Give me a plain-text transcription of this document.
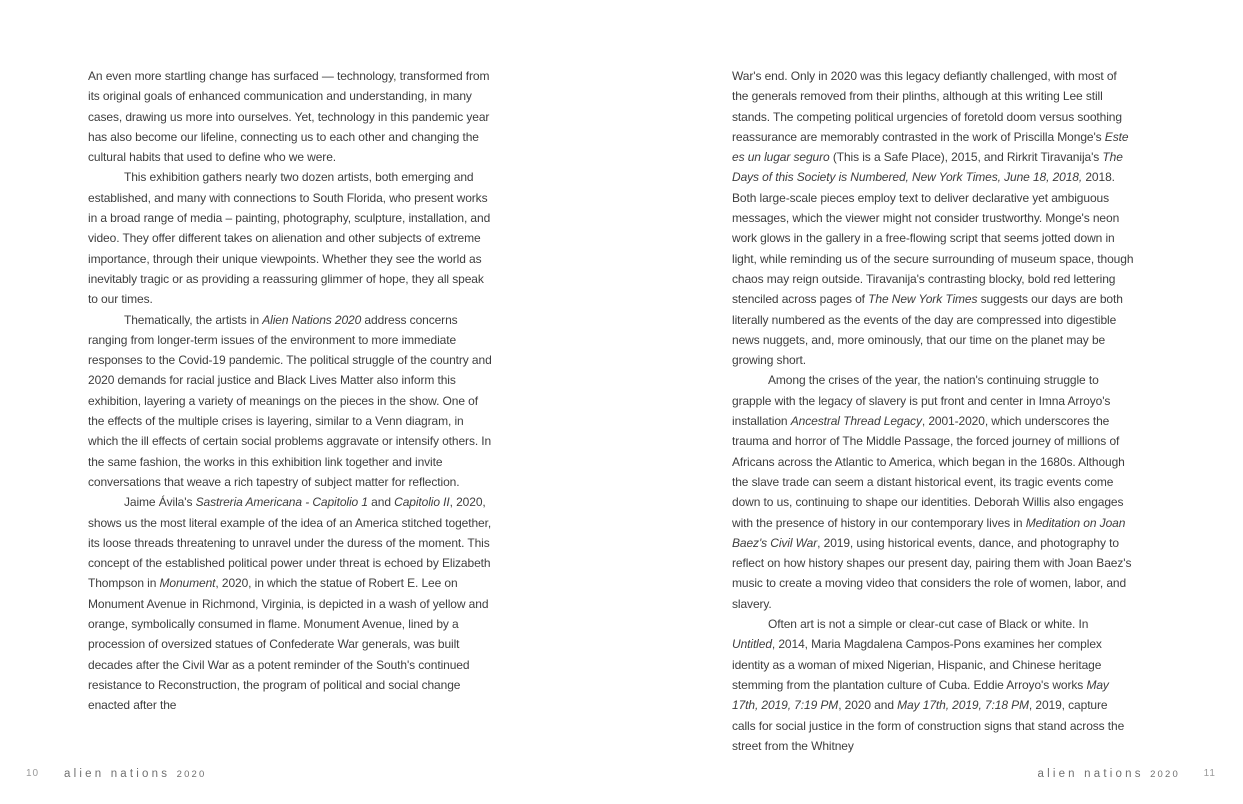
An even more startling change has surfaced — technology, transformed from its original goals of enhanced communication and understanding, in many cases, drawing us more into ourselves. Yet, technology in this pandemic year has also become our lifeline, connecting us to each other and changing the cultural habits that used to define who we were.

This exhibition gathers nearly two dozen artists, both emerging and established, and many with connections to South Florida, who present works in a broad range of media – painting, photography, sculpture, installation, and video. They offer different takes on alienation and other subjects of extreme importance, through their unique viewpoints. Whether they see the world as inevitably tragic or as providing a reassuring glimmer of hope, they all speak to our times.

Thematically, the artists in Alien Nations 2020 address concerns ranging from longer-term issues of the environment to more immediate responses to the Covid-19 pandemic. The political struggle of the country and 2020 demands for racial justice and Black Lives Matter also inform this exhibition, layering a variety of meanings on the pieces in the show. One of the effects of the multiple crises is layering, similar to a Venn diagram, in which the ill effects of certain social problems aggravate or intensify others. In the same fashion, the works in this exhibition link together and invite conversations that weave a rich tapestry of subject matter for reflection.

Jaime Ávila's Sastreria Americana - Capitolio 1 and Capitolio II, 2020, shows us the most literal example of the idea of an America stitched together, its loose threads threatening to unravel under the duress of the moment. This concept of the established political power under threat is echoed by Elizabeth Thompson in Monument, 2020, in which the statue of Robert E. Lee on Monument Avenue in Richmond, Virginia, is depicted in a wash of yellow and orange, symbolically consumed in flame. Monument Avenue, lined by a procession of oversized statues of Confederate War generals, was built decades after the Civil War as a potent reminder of the South's continued resistance to Reconstruction, the program of political and social change enacted after the

10 alien nations 2020

War's end. Only in 2020 was this legacy defiantly challenged, with most of the generals removed from their plinths, although at this writing Lee still stands. The competing political urgencies of foretold doom versus soothing reassurance are memorably contrasted in the work of Priscilla Monge's Este es un lugar seguro (This is a Safe Place), 2015, and Rirkrit Tiravanija's The Days of this Society is Numbered, New York Times, June 18, 2018, 2018. Both large-scale pieces employ text to deliver declarative yet ambiguous messages, which the viewer might not consider trustworthy. Monge's neon work glows in the gallery in a free-flowing script that seems jotted down in light, while reminding us of the secure surrounding of museum space, though chaos may reign outside. Tiravanija's contrasting blocky, bold red lettering stenciled across pages of The New York Times suggests our days are both literally numbered as the events of the day are compressed into digestible news nuggets, and, more ominously, that our time on the planet may be growing short.

Among the crises of the year, the nation's continuing struggle to grapple with the legacy of slavery is put front and center in Imna Arroyo's installation Ancestral Thread Legacy, 2001-2020, which underscores the trauma and horror of The Middle Passage, the forced journey of millions of Africans across the Atlantic to America, which began in the 1680s. Although the slave trade can seem a distant historical event, its tragic events come down to us, continuing to shape our identities. Deborah Willis also engages with the presence of history in our contemporary lives in Meditation on Joan Baez's Civil War, 2019, using historical events, dance, and photography to reflect on how history shapes our present day, pairing them with Joan Baez's music to create a moving video that considers the role of women, labor, and slavery.

Often art is not a simple or clear-cut case of Black or white. In Untitled, 2014, Maria Magdalena Campos-Pons examines her complex identity as a woman of mixed Nigerian, Hispanic, and Chinese heritage stemming from the plantation culture of Cuba. Eddie Arroyo's works May 17th, 2019, 7:19 PM, 2020 and May 17th, 2019, 7:18 PM, 2019, capture calls for social justice in the form of construction signs that stand across the street from the Whitney

alien nations 2020 11
